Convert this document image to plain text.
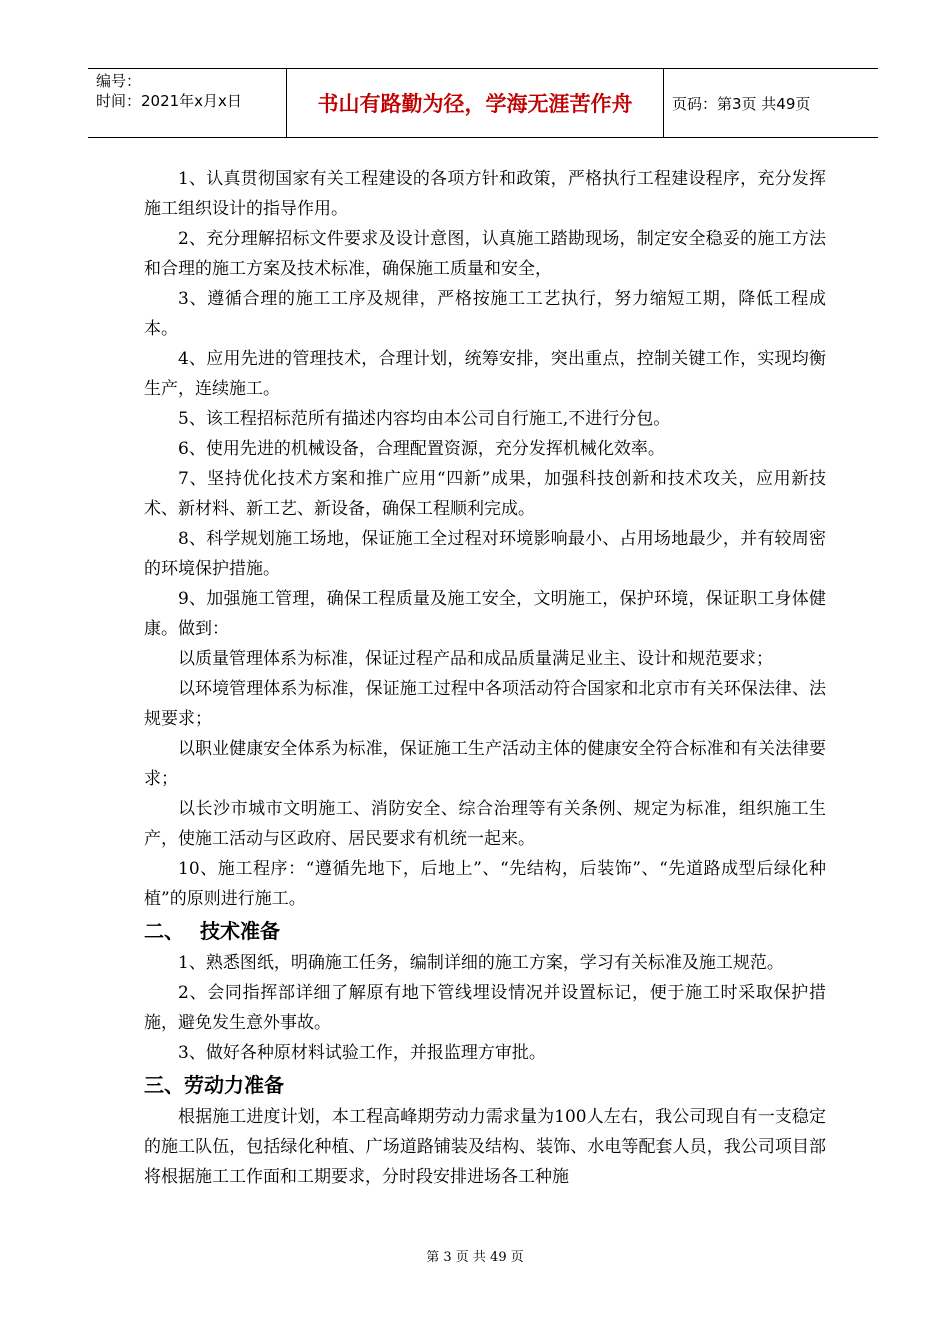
编号：
时间：2021年x月x日	书山有路勤为径，学海无涯苦作舟	页码：第3页 共49页

1、认真贯彻国家有关工程建设的各项方针和政策，严格执行工程建设程序，充分发挥施工组织设计的指导作用。

2、充分理解招标文件要求及设计意图，认真施工踏勘现场，制定安全稳妥的施工方法和合理的施工方案及技术标准，确保施工质量和安全，

3、遵循合理的施工工序及规律，严格按施工工艺执行，努力缩短工期，降低工程成本。

4、应用先进的管理技术，合理计划，统筹安排，突出重点，控制关键工作，实现均衡生产，连续施工。

5、该工程招标范所有描述内容均由本公司自行施工,不进行分包。

6、使用先进的机械设备，合理配置资源，充分发挥机械化效率。

7、坚持优化技术方案和推广应用“四新”成果，加强科技创新和技术攻关，应用新技术、新材料、新工艺、新设备，确保工程顺利完成。

8、科学规划施工场地，保证施工全过程对环境影响最小、占用场地最少，并有较周密的环境保护措施。

9、加强施工管理，确保工程质量及施工安全，文明施工，保护环境，保证职工身体健康。做到：

以质量管理体系为标准，保证过程产品和成品质量满足业主、设计和规范要求；

以环境管理体系为标准，保证施工过程中各项活动符合国家和北京市有关环保法律、法规要求；

以职业健康安全体系为标准，保证施工生产活动主体的健康安全符合标准和有关法律要求；

以长沙市城市文明施工、消防安全、综合治理等有关条例、规定为标准，组织施工生产，使施工活动与区政府、居民要求有机统一起来。

10、施工程序：“遵循先地下，后地上”、“先结构，后装饰”、“先道路成型后绿化种植”的原则进行施工。

二、 技术准备

1、熟悉图纸，明确施工任务，编制详细的施工方案，学习有关标准及施工规范。

2、会同指挥部详细了解原有地下管线埋设情况并设置标记，便于施工时采取保护措施，避免发生意外事故。

3、做好各种原材料试验工作，并报监理方审批。

三、劳动力准备

根据施工进度计划，本工程高峰期劳动力需求量为100人左右，我公司现自有一支稳定的施工队伍，包括绿化种植、广场道路铺装及结构、装饰、水电等配套人员，我公司项目部将根据施工工作面和工期要求，分时段安排进场各工种施

第 3 页 共 49 页
